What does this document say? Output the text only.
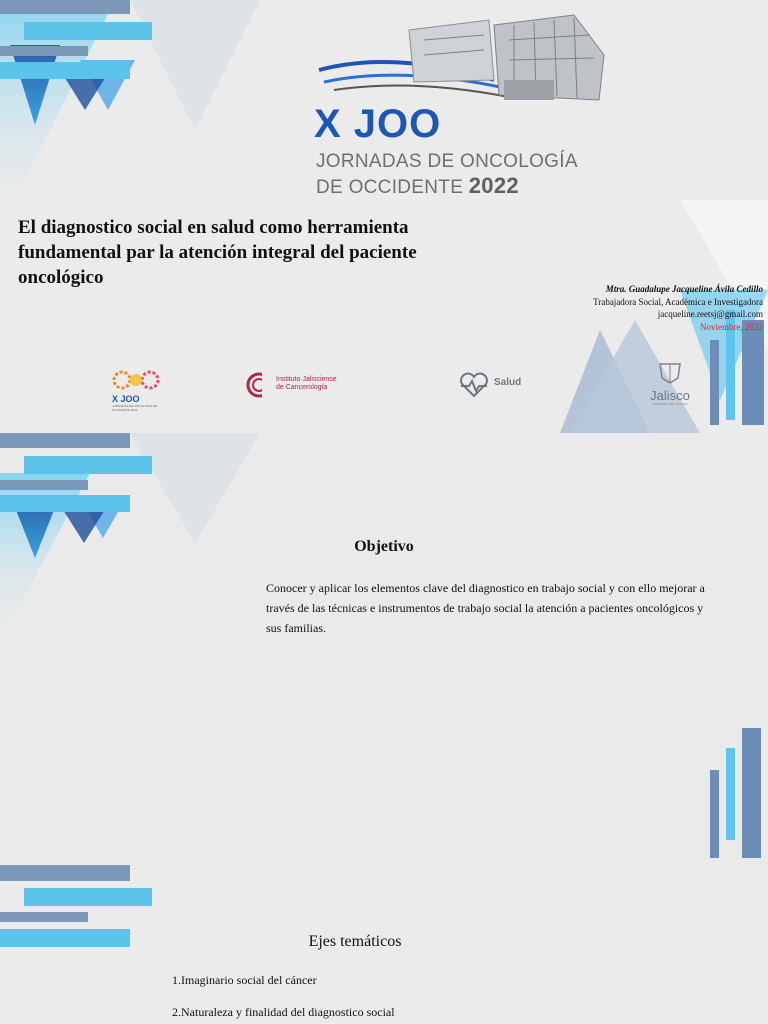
X JOO
JORNADAS DE ONCOLOGÍA
DE OCCIDENTE 2022
El diagnostico social en salud como herramienta fundamental par la atención integral del paciente oncológico
Mtra. Guadalupe Jacqueline Ávila Cedillo
Trabajadora Social, Académica e Investigadora
jacqueline.reetsj@gmail.com
Noviembre, 2022
X JOO
JORNADAS DE ONCOLOGÍA DE OCCIDENTE 2022
Instituto Jalisciense
de Cancerología	Salud
Jalisco
GOBIERNO DEL ESTADO
Objetivo
Conocer y aplicar los elementos clave del diagnostico en trabajo social y con ello mejorar a través de las técnicas e instrumentos de trabajo social la atención a pacientes oncológicos y sus familias.
Ejes temáticos
1.Imaginario social del cáncer
2.Naturaleza y finalidad del diagnostico social
